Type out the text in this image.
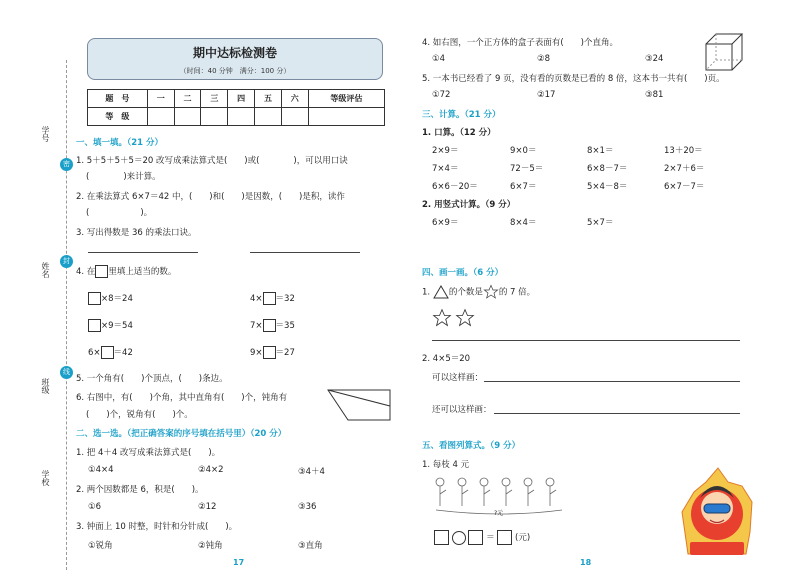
学号
姓名
班级
学校
密
封
线
期中达标检测卷
（时间：40 分钟　满分：100 分）
题　号	一	二	三	四	五	六	等级评估
等　级							
一、填一填。（21 分）
1. 5＋5＋5＋5＝20 改写成乘法算式是(　　)或(　　　　)，可以用口诀
(　　　　)来计算。
2. 在乘法算式 6×7＝42 中，(　　)和(　　)是因数，(　　)是积，读作
(　　　　　　)。
3. 写出得数是 36 的乘法口诀。
4. 在 里填上适当的数。
×8＝24	4× ＝32
×9＝54	7× ＝35
6× ＝42	9× ＝27
5. 一个角有(　　)个顶点，(　　)条边。
6. 右图中，有(　　)个角，其中直角有(　　)个，钝角有
(　　)个，锐角有(　　)个。
二、选一选。（把正确答案的序号填在括号里）（20 分）
1. 把 4＋4 改写成乘法算式是(　　)。
①4×4	②4×2	③4＋4
2. 两个因数都是 6，积是(　　)。
①6	②12	③36
3. 钟面上 10 时整，时针和分针成(　　)。
①锐角	②钝角	③直角
17
4. 如右图，一个正方体的盒子表面有(　　)个直角。
①4	②8	③24
5. 一本书已经看了 9 页，没有看的页数是已看的 8 倍，这本书一共有(　　)页。
①72	②17	③81
三、计算。（21 分）
1. 口算。（12 分）
2×9＝	9×0＝	8×1＝	13＋20＝
7×4＝	72－5＝	6×8－7＝	2×7＋6＝
6×6－20＝	6×7＝	5×4－8＝	6×7－7＝
2. 用竖式计算。（9 分）
6×9＝	8×4＝	5×7＝
四、画一画。（6 分）
1. 的个数是 的 7 倍。

2. 4×5＝20
可以这样画：
还可以这样画：
五、看图列算式。（9 分）
1. 每枝 4 元
?元
＝ (元)
18
